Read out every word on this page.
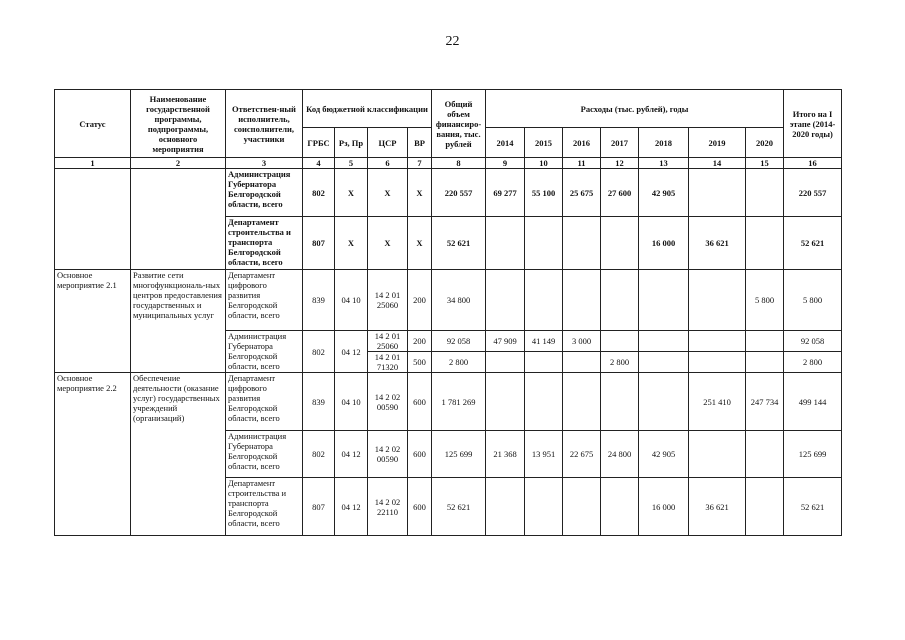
22
Статус	Наименование государственной программы, подпрограммы, основного мероприятия	Ответствен-ный исполнитель, соисполнители, участники	Код бюджетной классификации				Общий объем финансиро-вания, тыс. рублей	Расходы (тыс. рублей), годы							Итого на I этапе (2014-2020 годы)
			ГРБС	Рз, Пр	ЦСР	ВР		2014	2015	2016	2017	2018	2019	2020	
1	2	3	4	5	6	7	8	9	10	11	12	13	14	15	16
		Администрация Губернатора Белгородской области, всего	802	Х	Х	Х	220 557	69 277	55 100	25 675	27 600	42 905			220 557
		Департамент строительства и транспорта Белгородской области, всего	807	Х	Х	Х	52 621					16 000	36 621		52 621
Основное мероприятие 2.1	Развитие сети многофункциональ-ных центров предоставления государственных и муниципальных услуг	Департамент цифрового развития Белгородской области, всего	839	04 10	14 2 01 25060	200	34 800							5 800	5 800
		Администрация Губернатора Белгородской области, всего	802	04 12	14 2 01 25060	200	92 058	47 909	41 149	3 000					92 058
					14 2 01 71320	500	2 800				2 800				2 800
Основное мероприятие 2.2	Обеспечение деятельности (оказание услуг) государственных учреждений (организаций)	Департамент цифрового развития Белгородской области, всего	839	04 10	14 2 02 00590	600	1 781 269						251 410	247 734	499 144
		Администрация Губернатора Белгородской области, всего	802	04 12	14 2 02 00590	600	125 699	21 368	13 951	22 675	24 800	42 905			125 699
		Департамент строительства и транспорта Белгородской области, всего	807	04 12	14 2 02 22110	600	52 621					16 000	36 621		52 621
